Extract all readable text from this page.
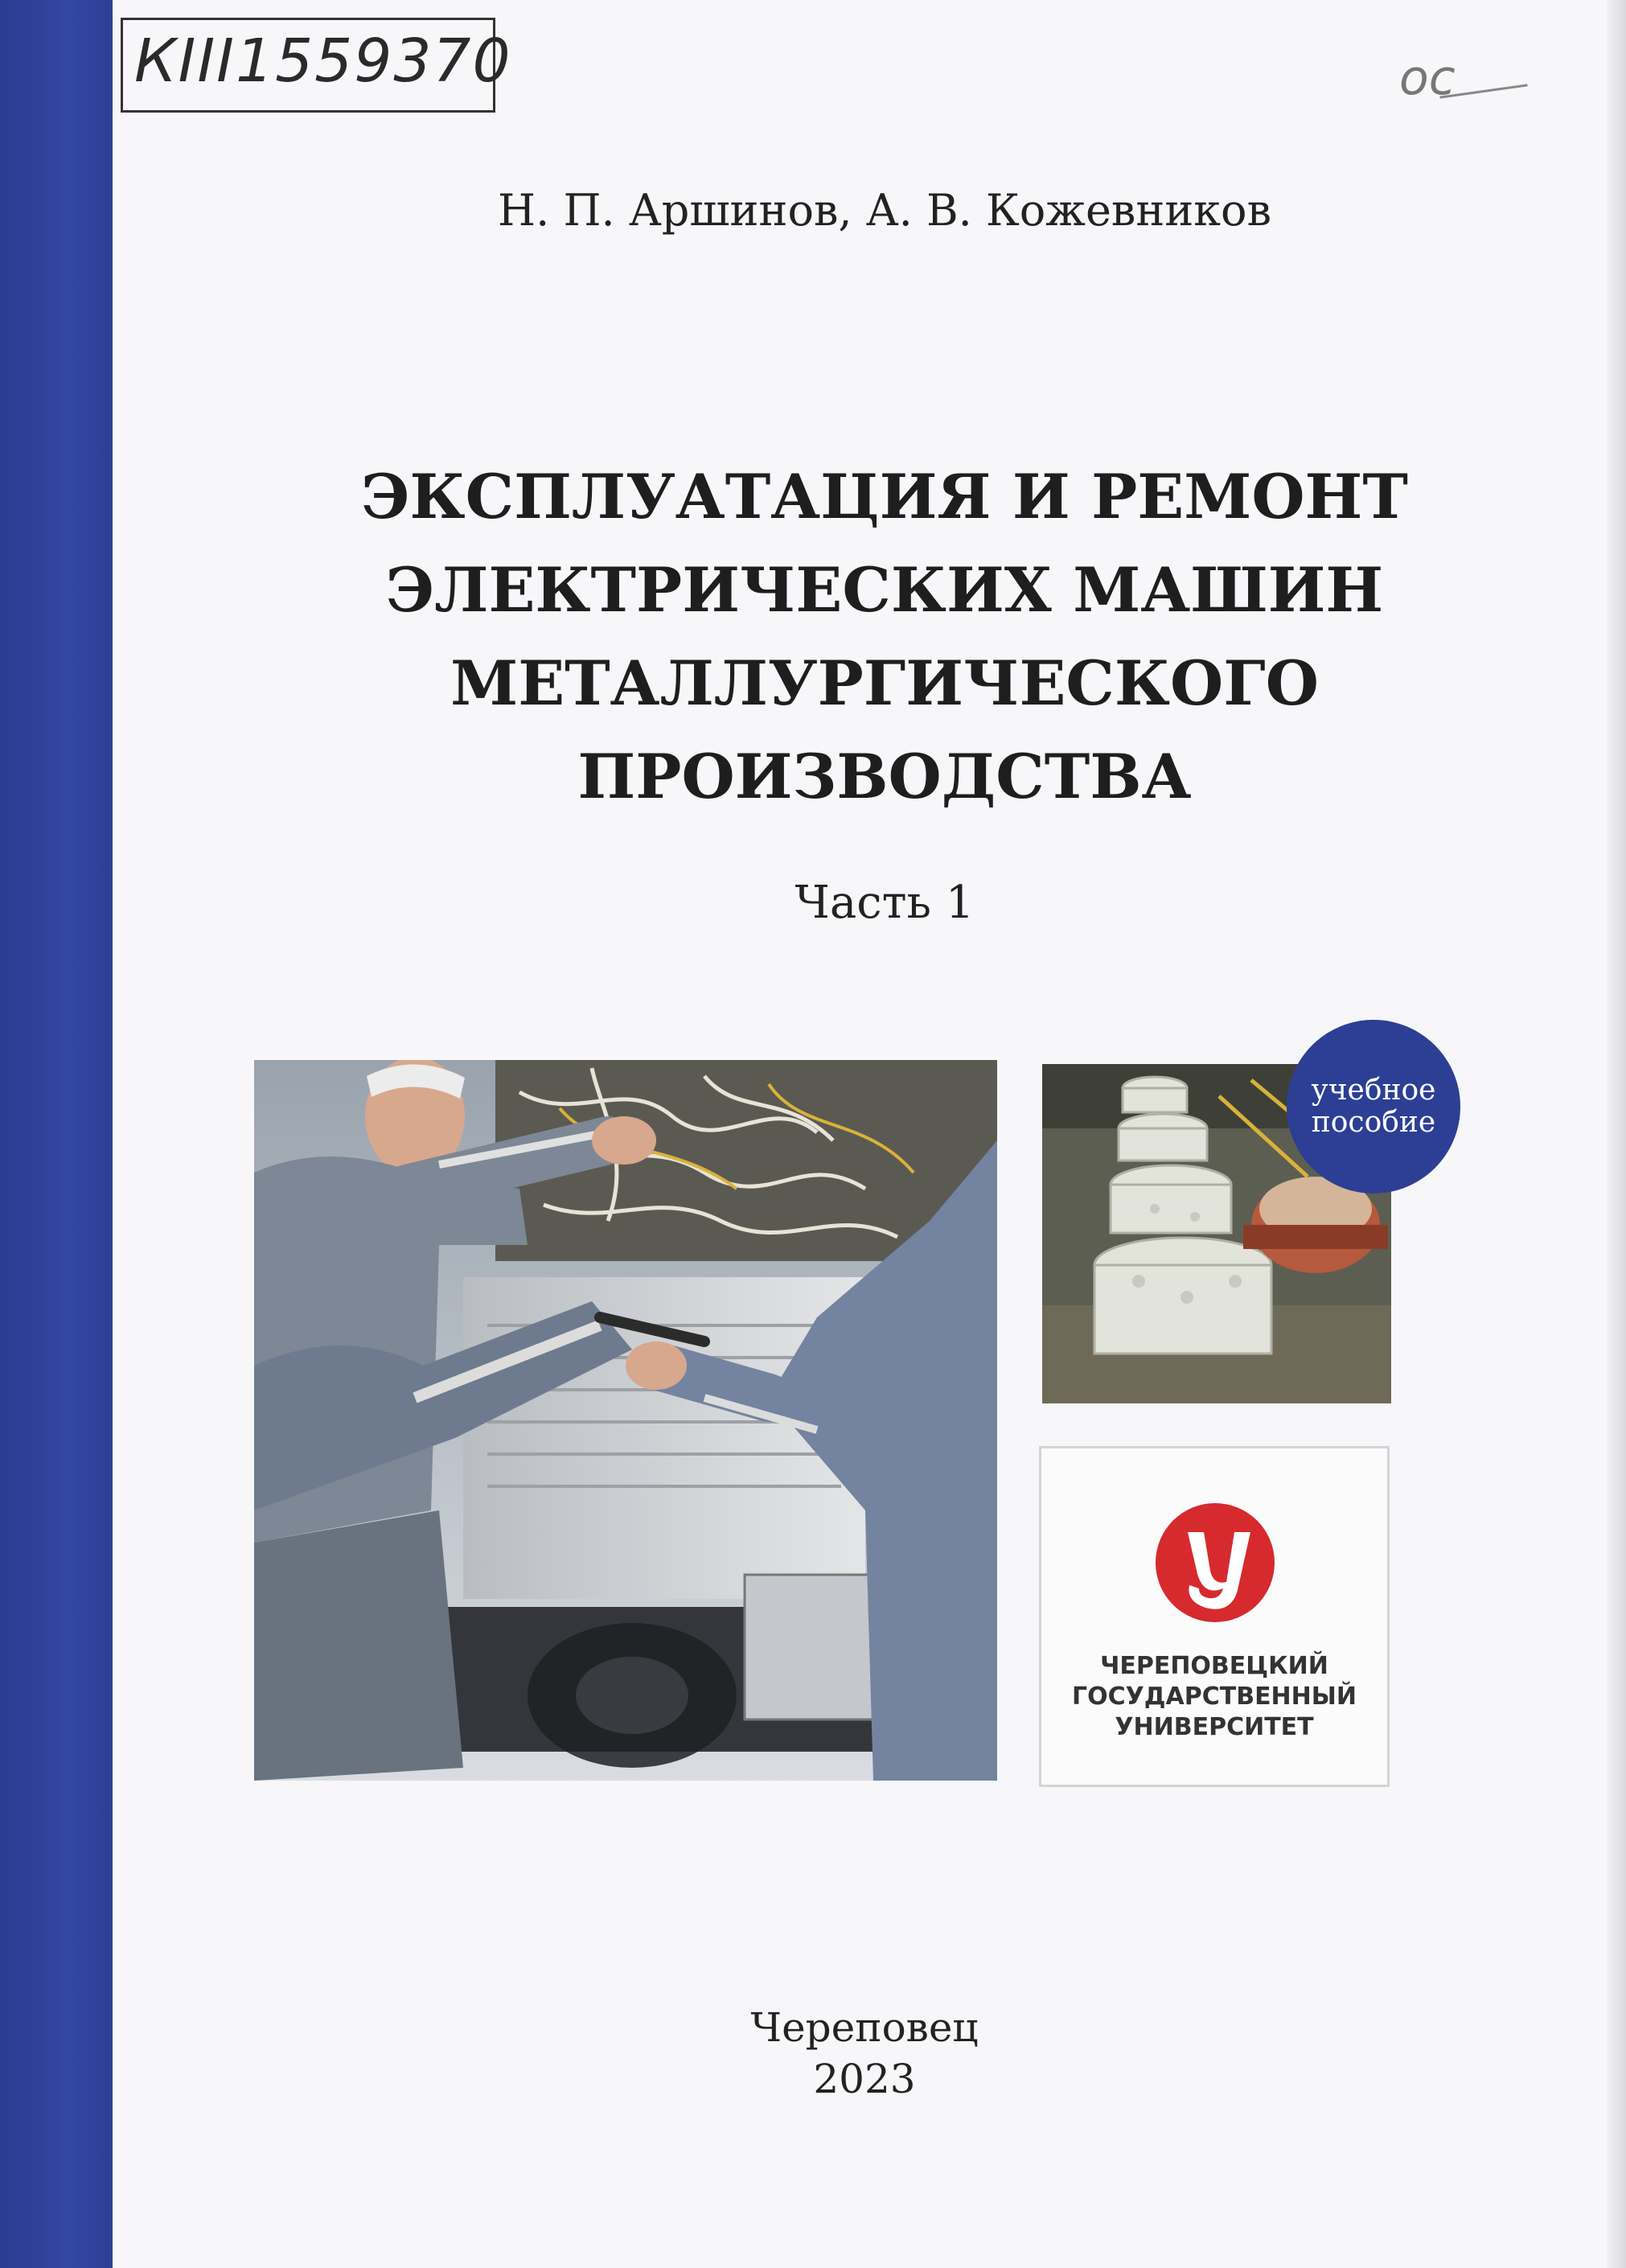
КIII1559370	ос
Н. П. Аршинов, А. В. Кожевников
ЭКСПЛУАТАЦИЯ И РЕМОНТ
ЭЛЕКТРИЧЕСКИХ МАШИН
МЕТАЛЛУРГИЧЕСКОГО
ПРОИЗВОДСТВА
Часть 1
учебное
пособие
ЧЕРЕПОВЕЦКИЙ
ГОСУДАРСТВЕННЫЙ
УНИВЕРСИТЕТ
Череповец
2023
